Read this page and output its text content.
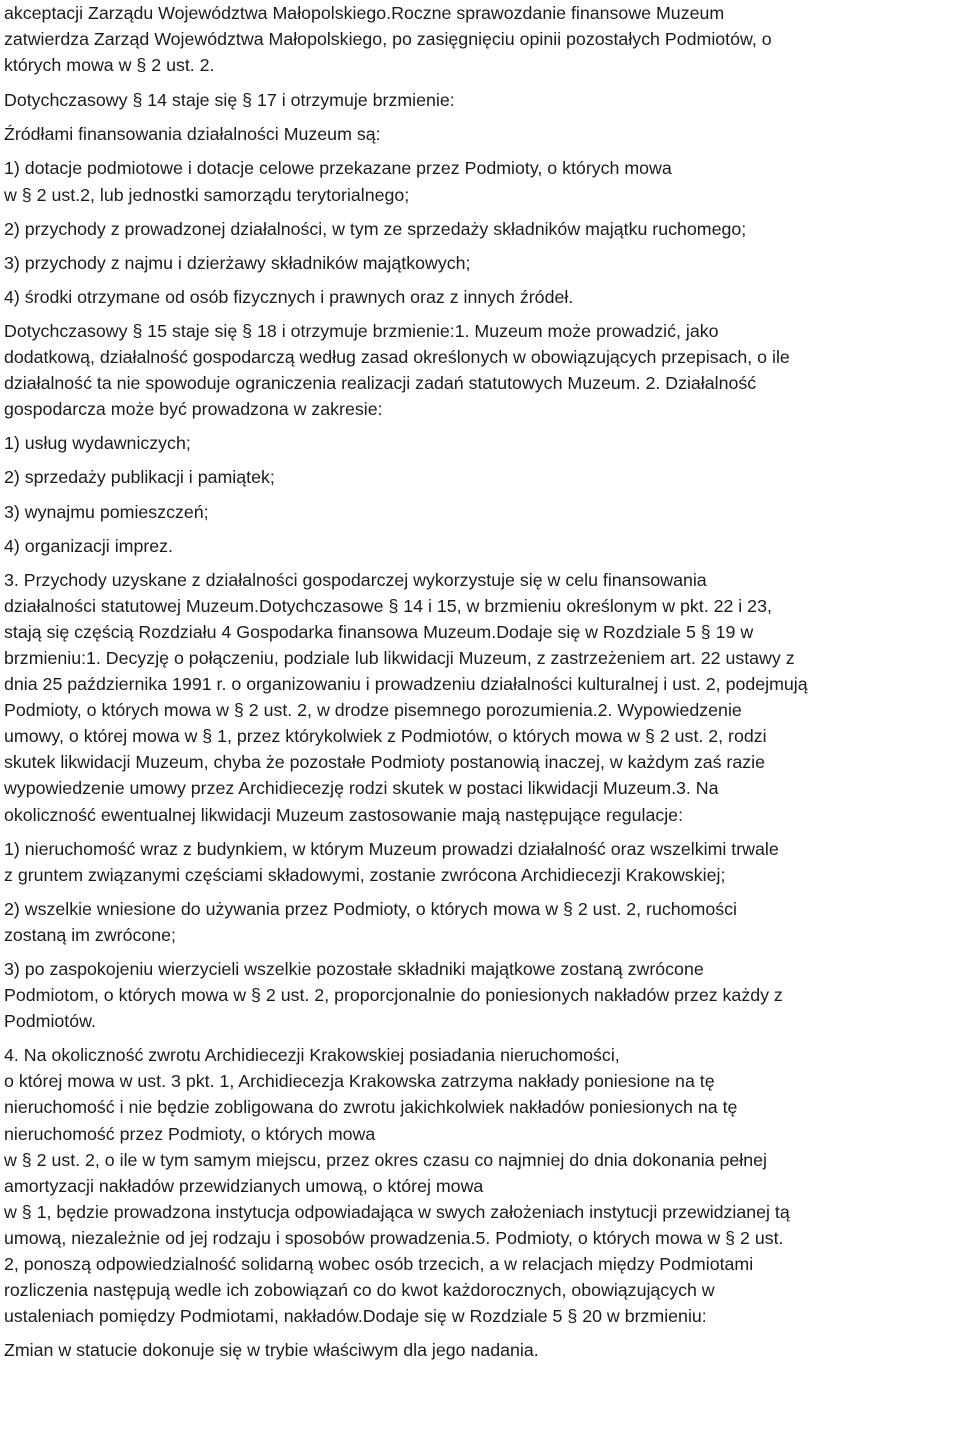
akceptacji Zarządu Województwa Małopolskiego.Roczne sprawozdanie finansowe Muzeum
zatwierdza Zarząd Województwa Małopolskiego, po zasięgnięciu opinii pozostałych Podmiotów, o
których mowa w § 2 ust. 2.

Dotychczasowy § 14 staje się § 17 i otrzymuje brzmienie:

Źródłami finansowania działalności Muzeum są:

1) dotacje podmiotowe i dotacje celowe przekazane przez Podmioty, o których mowa
w § 2 ust.2, lub jednostki samorządu terytorialnego;

2) przychody z prowadzonej działalności, w tym ze sprzedaży składników majątku ruchomego;

3) przychody z najmu i dzierżawy składników majątkowych;

4) środki otrzymane od osób fizycznych i prawnych oraz z innych źródeł.

Dotychczasowy § 15 staje się § 18 i otrzymuje brzmienie:1. Muzeum może prowadzić, jako
dodatkową, działalność gospodarczą według zasad określonych w obowiązujących przepisach, o ile
działalność ta nie spowoduje ograniczenia realizacji zadań statutowych Muzeum. 2. Działalność
gospodarcza może być prowadzona w zakresie:

1) usług wydawniczych;

2) sprzedaży publikacji i pamiątek;

3) wynajmu pomieszczeń;

4) organizacji imprez.

3. Przychody uzyskane z działalności gospodarczej wykorzystuje się w celu finansowania
działalności statutowej Muzeum.Dotychczasowe § 14 i 15, w brzmieniu określonym w pkt. 22 i 23,
stają się częścią Rozdziału 4 Gospodarka finansowa Muzeum.Dodaje się w Rozdziale 5 § 19 w
brzmieniu:1. Decyzję o połączeniu, podziale lub likwidacji Muzeum, z zastrzeżeniem art. 22 ustawy z
dnia 25 października 1991 r. o organizowaniu i prowadzeniu działalności kulturalnej i ust. 2, podejmują
Podmioty, o których mowa w § 2 ust. 2, w drodze pisemnego porozumienia.2. Wypowiedzenie
umowy, o której mowa w § 1, przez którykolwiek z Podmiotów, o których mowa w § 2 ust. 2, rodzi
skutek likwidacji Muzeum, chyba że pozostałe Podmioty postanowią inaczej, w każdym zaś razie
wypowiedzenie umowy przez Archidiecezję rodzi skutek w postaci likwidacji Muzeum.3. Na
okoliczność ewentualnej likwidacji Muzeum zastosowanie mają następujące regulacje:

1) nieruchomość wraz z budynkiem, w którym Muzeum prowadzi działalność oraz wszelkimi trwale
z gruntem związanymi częściami składowymi, zostanie zwrócona Archidiecezji Krakowskiej;

2) wszelkie wniesione do używania przez Podmioty, o których mowa w § 2 ust. 2, ruchomości
zostaną im zwrócone;

3) po zaspokojeniu wierzycieli wszelkie pozostałe składniki majątkowe zostaną zwrócone
Podmiotom, o których mowa w § 2 ust. 2, proporcjonalnie do poniesionych nakładów przez każdy z
Podmiotów.

4. Na okoliczność zwrotu Archidiecezji Krakowskiej posiadania nieruchomości,
o której mowa w ust. 3 pkt. 1, Archidiecezja Krakowska zatrzyma nakłady poniesione na tę
nieruchomość i nie będzie zobligowana do zwrotu jakichkolwiek nakładów poniesionych na tę
nieruchomość przez Podmioty, o których mowa
w § 2 ust. 2, o ile w tym samym miejscu, przez okres czasu co najmniej do dnia dokonania pełnej
amortyzacji nakładów przewidzianych umową, o której mowa
w § 1, będzie prowadzona instytucja odpowiadająca w swych założeniach instytucji przewidzianej tą
umową, niezależnie od jej rodzaju i sposobów prowadzenia.5. Podmioty, o których mowa w § 2 ust.
2, ponoszą odpowiedzialność solidarną wobec osób trzecich, a w relacjach między Podmiotami
rozliczenia następują wedle ich zobowiązań co do kwot każdorocznych, obowiązujących w
ustaleniach pomiędzy Podmiotami, nakładów.Dodaje się w Rozdziale 5 § 20 w brzmieniu:

Zmian w statucie dokonuje się w trybie właściwym dla jego nadania.
